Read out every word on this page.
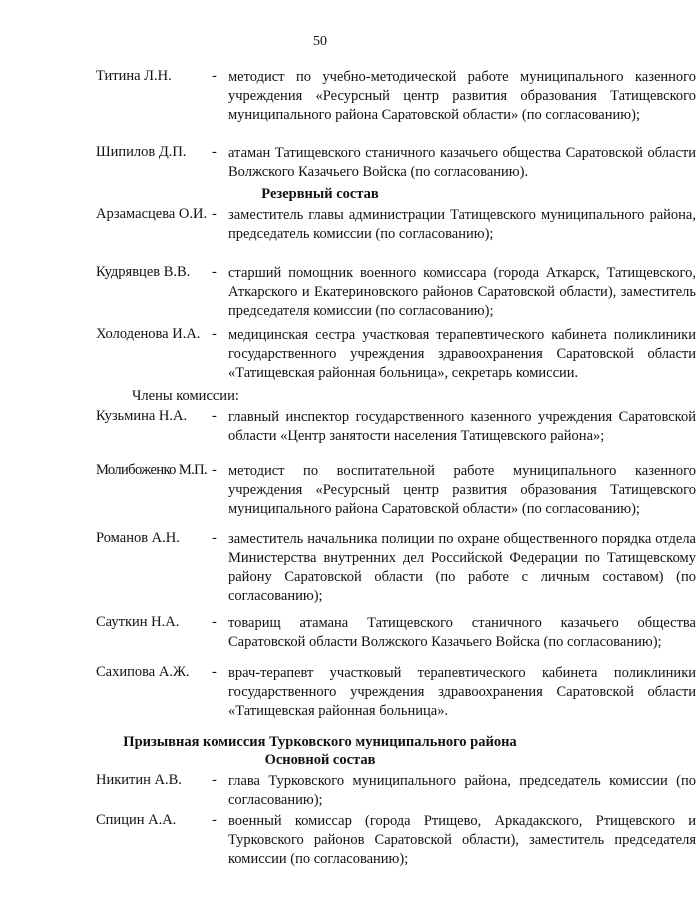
50
Титина Л.Н.	- методист по учебно-методической работе муниципального казенного учреждения «Ресурсный центр развития образования Татищевского муниципального района Саратовской области» (по согласованию);
Шипилов Д.П. - атаман Татищевского станичного казачьего общества Саратовской области Волжского Казачьего Войска (по согласованию).
Резервный состав
Арзамасцева О.И. - заместитель главы администрации Татищевского муниципального района, председатель комиссии (по согласованию);
Кудрявцев В.В. - старший помощник военного комиссара (города Аткарск, Татищевского, Аткарского и Екатериновского районов Саратовской области), заместитель председателя комиссии (по согласованию);
Холоденова И.А. - медицинская сестра участковая терапевтического кабинета поликлиники государственного учреждения здравоохранения Саратовской области «Татищевская районная больница», секретарь комиссии.
Члены комиссии:
Кузьмина Н.А. - главный инспектор государственного казенного учреждения Саратовской области «Центр занятости населения Татищевского района»;
Молибоженко М.П. - методист по воспитательной работе муниципального казенного учреждения «Ресурсный центр развития образования Татищевского муниципального района Саратовской области» (по согласованию);
Романов А.Н. - заместитель начальника полиции по охране общественного порядка отдела Министерства внутренних дел Российской Федерации по Татищевскому району Саратовской области (по работе с личным составом) (по согласованию);
Сауткин Н.А. - товарищ атамана Татищевского станичного казачьего общества Саратовской области Волжского Казачьего Войска (по согласованию);
Сахипова А.Ж. - врач-терапевт участковый терапевтического кабинета поликлиники государственного учреждения здравоохранения Саратовской области «Татищевская районная больница».
Призывная комиссия Турковского муниципального района
Основной состав
Никитин А.В. - глава Турковского муниципального района, председатель комиссии (по согласованию);
Спицин А.А. - военный комиссар (города Ртищево, Аркадакского, Ртищевского и Турковского районов Саратовской области), заместитель председателя комиссии (по согласованию);
